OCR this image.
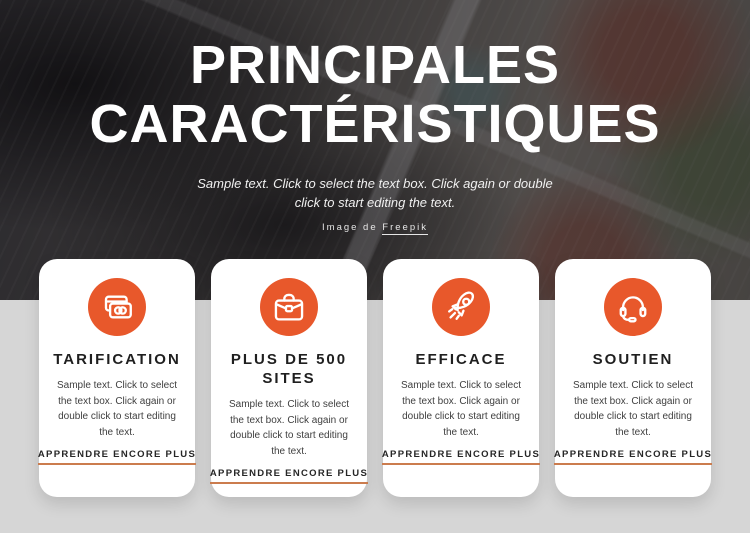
PRINCIPALES
CARACTÉRISTIQUES

Sample text. Click to select the text box. Click again or double click to start editing the text.

Image de Freepik
TARIFICATION

Sample text. Click to select the text box. Click again or double click to start editing the text.

APPRENDRE ENCORE PLUS
PLUS DE 500 SITES

Sample text. Click to select the text box. Click again or double click to start editing the text.

APPRENDRE ENCORE PLUS
EFFICACE

Sample text. Click to select the text box. Click again or double click to start editing the text.

APPRENDRE ENCORE PLUS
SOUTIEN

Sample text. Click to select the text box. Click again or double click to start editing the text.

APPRENDRE ENCORE PLUS
